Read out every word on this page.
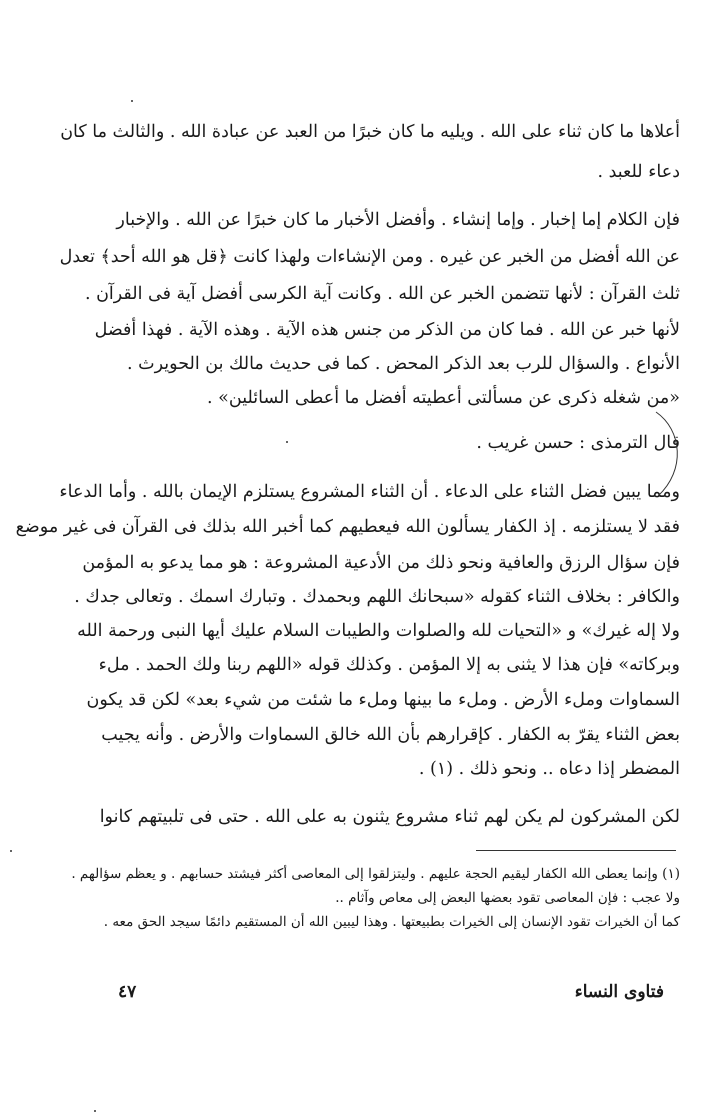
أعلاها ما كان ثناء على الله . ويليه ما كان خبرًا من العبد عن عبادة الله . والثالث ما كان
دعاء للعبد .
فإن الكلام إما إخبار . وإما إنشاء . وأفضل الأخبار ما كان خبرًا عن الله . والإخبار
عن الله أفضل من الخبر عن غيره . ومن الإنشاءات ولهذا كانت ﴿قل هو الله أحد﴾ تعدل
ثلث القرآن : لأنها تتضمن الخبر عن الله . وكانت آية الكرسى أفضل آية فى القرآن .
لأنها خبر عن الله . فما كان من الذكر من جنس هذه الآية . وهذه الآية . فهذا أفضل
الأنواع . والسؤال للرب بعد الذكر المحض . كما فى حديث مالك بن الحويرث .
«من شغله ذكرى عن مسألتى أعطيته أفضل ما أعطى السائلين» .
قال الترمذى : حسن غريب .
ومما يبين فضل الثناء على الدعاء . أن الثناء المشروع يستلزم الإيمان بالله . وأما الدعاء
فقد لا يستلزمه . إذ الكفار يسألون الله فيعطيهم كما أخبر الله بذلك فى القرآن فى غير موضع
فإن سؤال الرزق والعافية ونحو ذلك من الأدعية المشروعة : هو مما يدعو به المؤمن
والكافر : بخلاف الثناء كقوله «سبحانك اللهم وبحمدك . وتبارك اسمك . وتعالى جدك .
ولا إله غيرك» و «التحيات لله والصلوات والطيبات السلام عليك أيها النبى ورحمة الله
وبركاته» فإن هذا لا يثنى به إلا المؤمن . وكذلك قوله «اللهم ربنا ولك الحمد . ملء
السماوات وملء الأرض . وملء ما بينها وملء ما شئت من شيء بعد» لكن قد يكون
بعض الثناء يقرّ به الكفار . كإقرارهم بأن الله خالق السماوات والأرض . وأنه يجيب
المضطر إذا دعاه .. ونحو ذلك . (١) .
لكن المشركون لم يكن لهم ثناء مشروع يثنون به على الله . حتى فى تلبيتهم كانوا
(١) وإنما يعطى الله الكفار ليقيم الحجة عليهم . وليتزلقوا إلى المعاصى أكثر فيشتد حسابهم . و يعظم سؤالهم .
ولا عجب : فإن المعاصى تقود بعضها البعض إلى معاص وآثام ..
كما أن الخيرات تقود الإنسان إلى الخيرات بطبيعتها . وهذا ليبين الله أن المستقيم دائمًا سيجد الحق معه .
٤٧	فتاوى النساء
